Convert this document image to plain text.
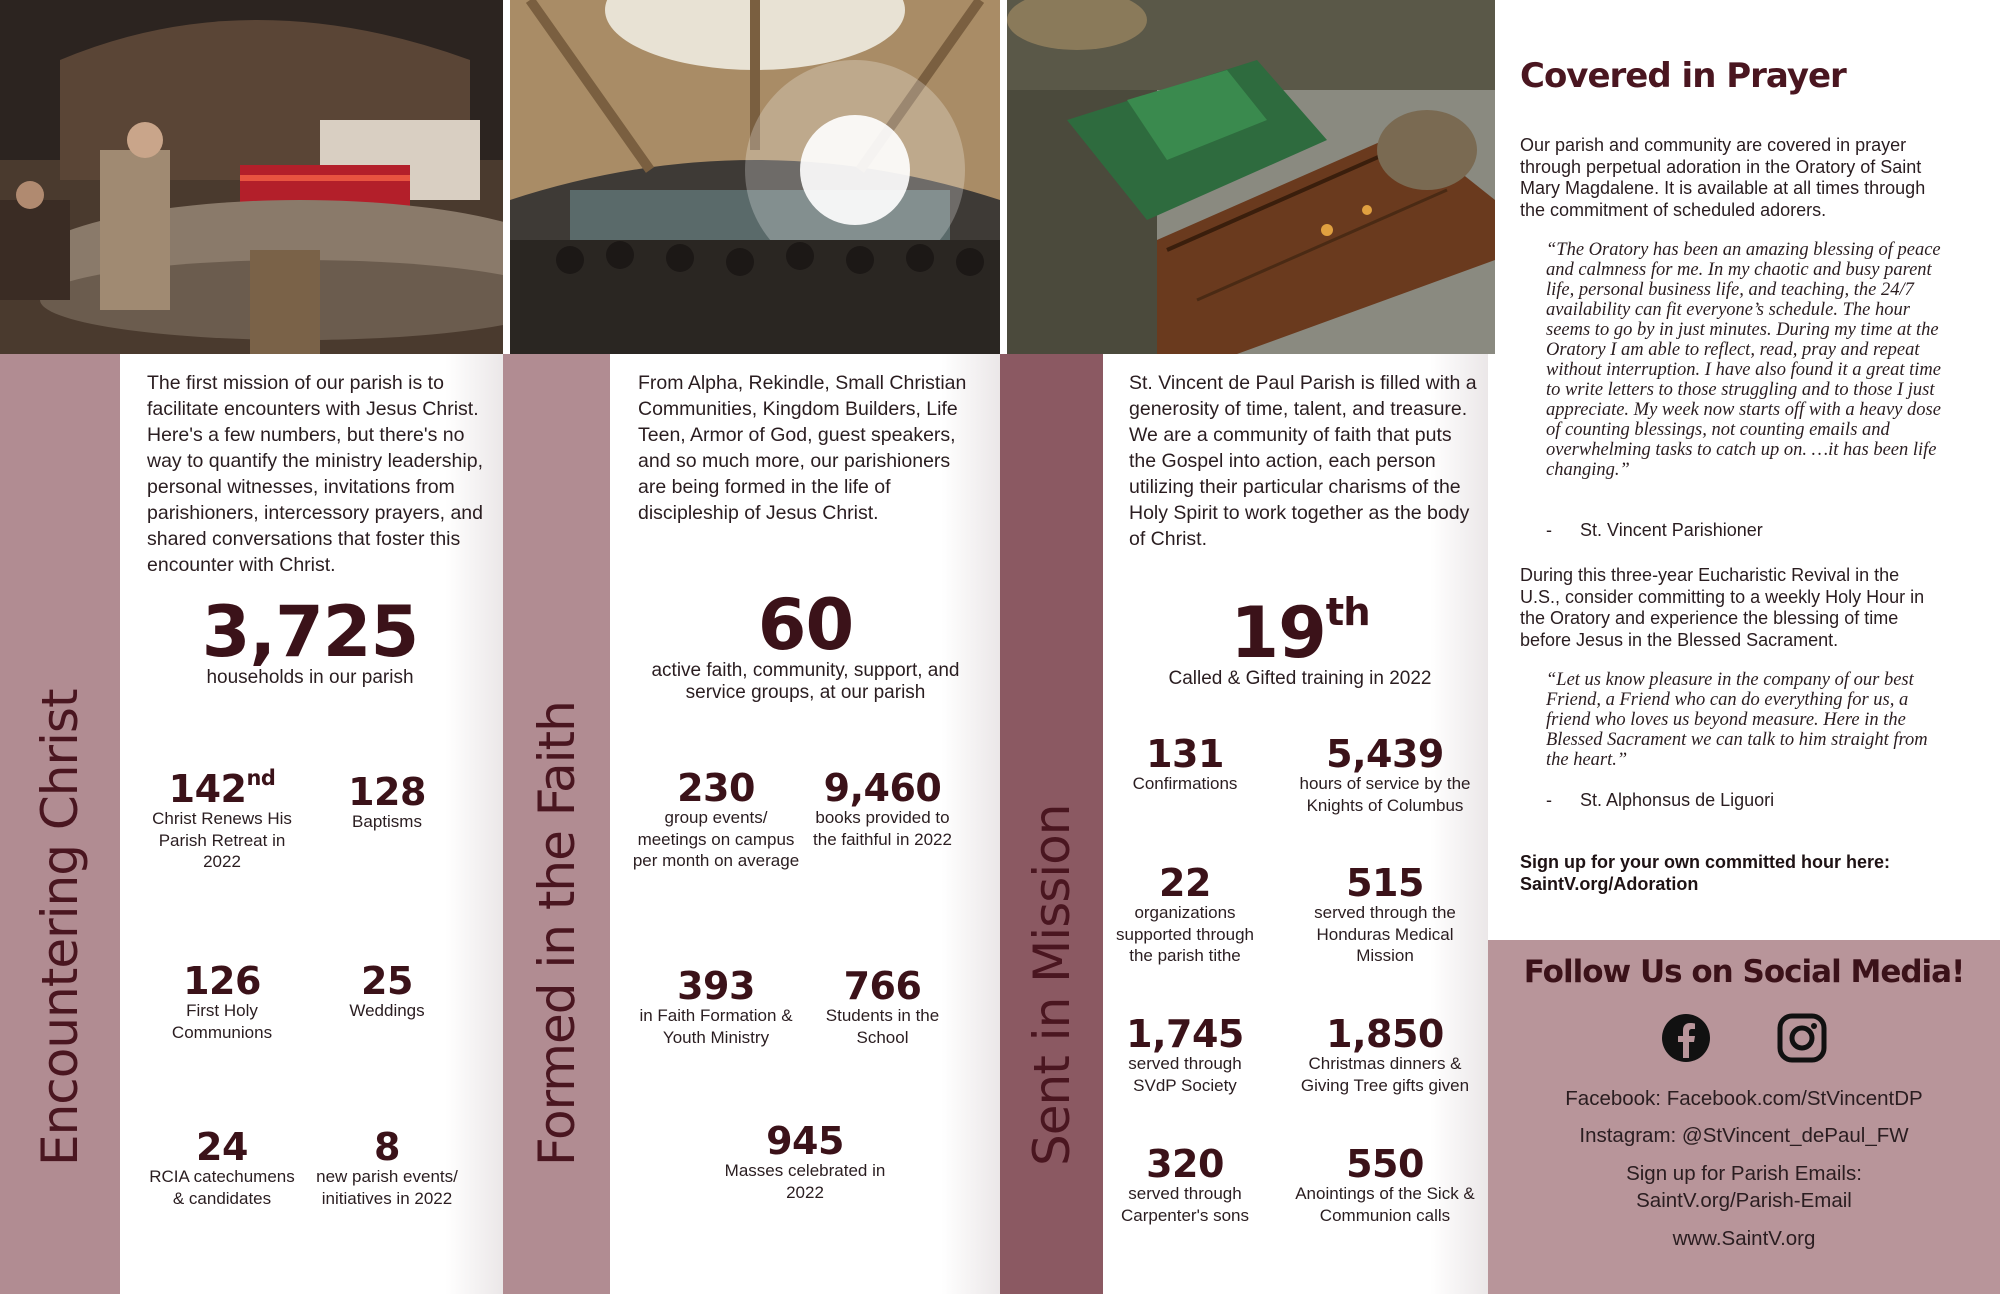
Encountering Christ
The first mission of our parish is to facilitate encounters with Jesus Christ. Here's a few numbers, but there's no way to quantify the ministry leadership, personal witnesses, invitations from parishioners, intercessory prayers, and shared conversations that foster this encounter with Christ.
3,725
households in our parish
142nd
Christ Renews His Parish Retreat in 2022
128
Baptisms
126
First Holy Communions
25
Weddings
24
RCIA catechumens & candidates
8
new parish events/ initiatives in 2022
Formed in the Faith
From Alpha, Rekindle, Small Christian Communities, Kingdom Builders, Life Teen, Armor of God, guest speakers, and so much more, our parishioners are being formed in the life of discipleship of Jesus Christ.
60
active faith, community, support, and service groups, at our parish
230
group events/ meetings on campus per month on average
9,460
books provided to the faithful in 2022
393
in Faith Formation & Youth Ministry
766
Students in the School
945
Masses celebrated in 2022
Sent in Mission
St. Vincent de Paul Parish is filled with a generosity of time, talent, and treasure. We are a community of faith that puts the Gospel into action, each person utilizing their particular charisms of the Holy Spirit to work together as the body of Christ.
19th
Called & Gifted training in 2022
131
Confirmations
5,439
hours of service by the Knights of Columbus
22
organizations supported through the parish tithe
515
served through the Honduras Medical Mission
1,745
served through SVdP Society
1,850
Christmas dinners & Giving Tree gifts given
320
served through Carpenter's sons
550
Anointings of the Sick & Communion calls
Covered in Prayer
Our parish and community are covered in prayer through perpetual adoration in the Oratory of Saint Mary Magdalene. It is available at all times through the commitment of scheduled adorers.
“The Oratory has been an amazing blessing of peace and calmness for me. In my chaotic and busy parent life, personal business life, and teaching, the 24/7 availability can fit everyone’s schedule. The hour seems to go by in just minutes. During my time at the Oratory I am able to reflect, read, pray and repeat without interruption. I have also found it a great time to write letters to those struggling and to those I just appreciate. My week now starts off with a heavy dose of counting blessings, not counting emails and overwhelming tasks to catch up on. …it has been life changing.”
- St. Vincent Parishioner
During this three-year Eucharistic Revival in the U.S., consider committing to a weekly Holy Hour in the Oratory and experience the blessing of time before Jesus in the Blessed Sacrament.
“Let us know pleasure in the company of our best Friend, a Friend who can do everything for us, a friend who loves us beyond measure. Here in the Blessed Sacrament we can talk to him straight from the heart.”
- St. Alphonsus de Liguori
Sign up for your own committed hour here:
SaintV.org/Adoration
Follow Us on Social Media!
Facebook: Facebook.com/StVincentDP
Instagram: @StVincent_dePaul_FW
Sign up for Parish Emails:
SaintV.org/Parish-Email
www.SaintV.org
